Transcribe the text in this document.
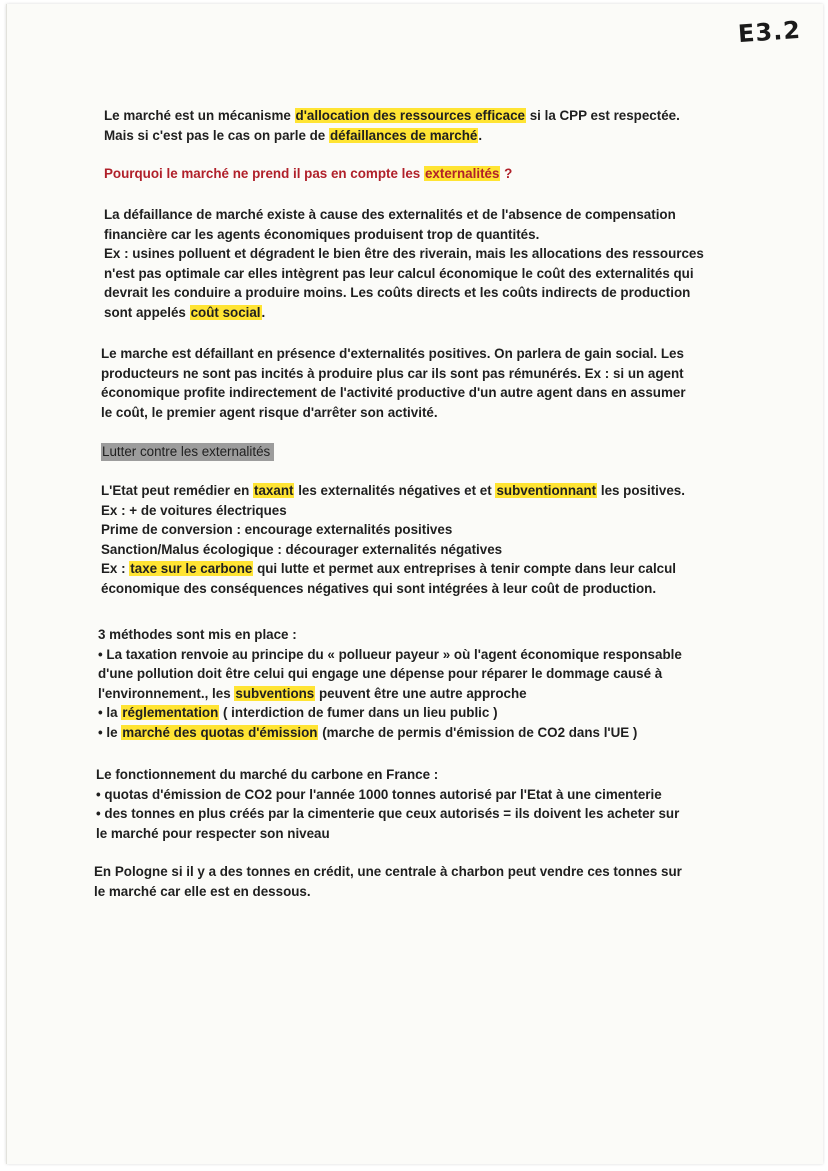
E3.2
Le marché est un mécanisme d'allocation des ressources efficace si la CPP est respectée.
Mais si c'est pas le cas on parle de défaillances de marché.
Pourquoi le marché ne prend il pas en compte les externalités ?
La défaillance de marché existe à cause des externalités et de l'absence de compensation
financière car les agents économiques produisent trop de quantités.
Ex : usines polluent et dégradent le bien être des riverain, mais les allocations des ressources
n'est pas optimale car elles intègrent pas leur calcul économique le coût des externalités qui
devrait les conduire a produire moins. Les coûts directs et les coûts indirects de production
sont appelés coût social.
Le marche est défaillant en présence d'externalités positives. On parlera de gain social. Les
producteurs ne sont pas incités à produire plus car ils sont pas rémunérés. Ex : si un agent
économique profite indirectement de l'activité productive d'un autre agent dans en assumer
le coût, le premier agent risque d'arrêter son activité.
Lutter contre les externalités
L'Etat peut remédier en taxant les externalités négatives et et subventionnant les positives.
Ex : + de voitures électriques
Prime de conversion : encourage externalités positives
Sanction/Malus écologique : décourager externalités négatives
Ex : taxe sur le carbone qui lutte et permet aux entreprises à tenir compte dans leur calcul
économique des conséquences négatives qui sont intégrées à leur coût de production.
3 méthodes sont mis en place :
• La taxation renvoie au principe du « pollueur payeur » où l'agent économique responsable
d'une pollution doit être celui qui engage une dépense pour réparer le dommage causé à
l'environnement., les subventions peuvent être une autre approche
• la réglementation ( interdiction de fumer dans un lieu public )
• le marché des quotas d'émission (marche de permis d'émission de CO2 dans l'UE )
Le fonctionnement du marché du carbone en France :
• quotas d'émission de CO2 pour l'année 1000 tonnes autorisé par l'Etat à une cimenterie
• des tonnes en plus créés par la cimenterie que ceux autorisés = ils doivent les acheter sur
le marché pour respecter son niveau
En Pologne si il y a des tonnes en crédit, une centrale à charbon peut vendre ces tonnes sur
le marché car elle est en dessous.
